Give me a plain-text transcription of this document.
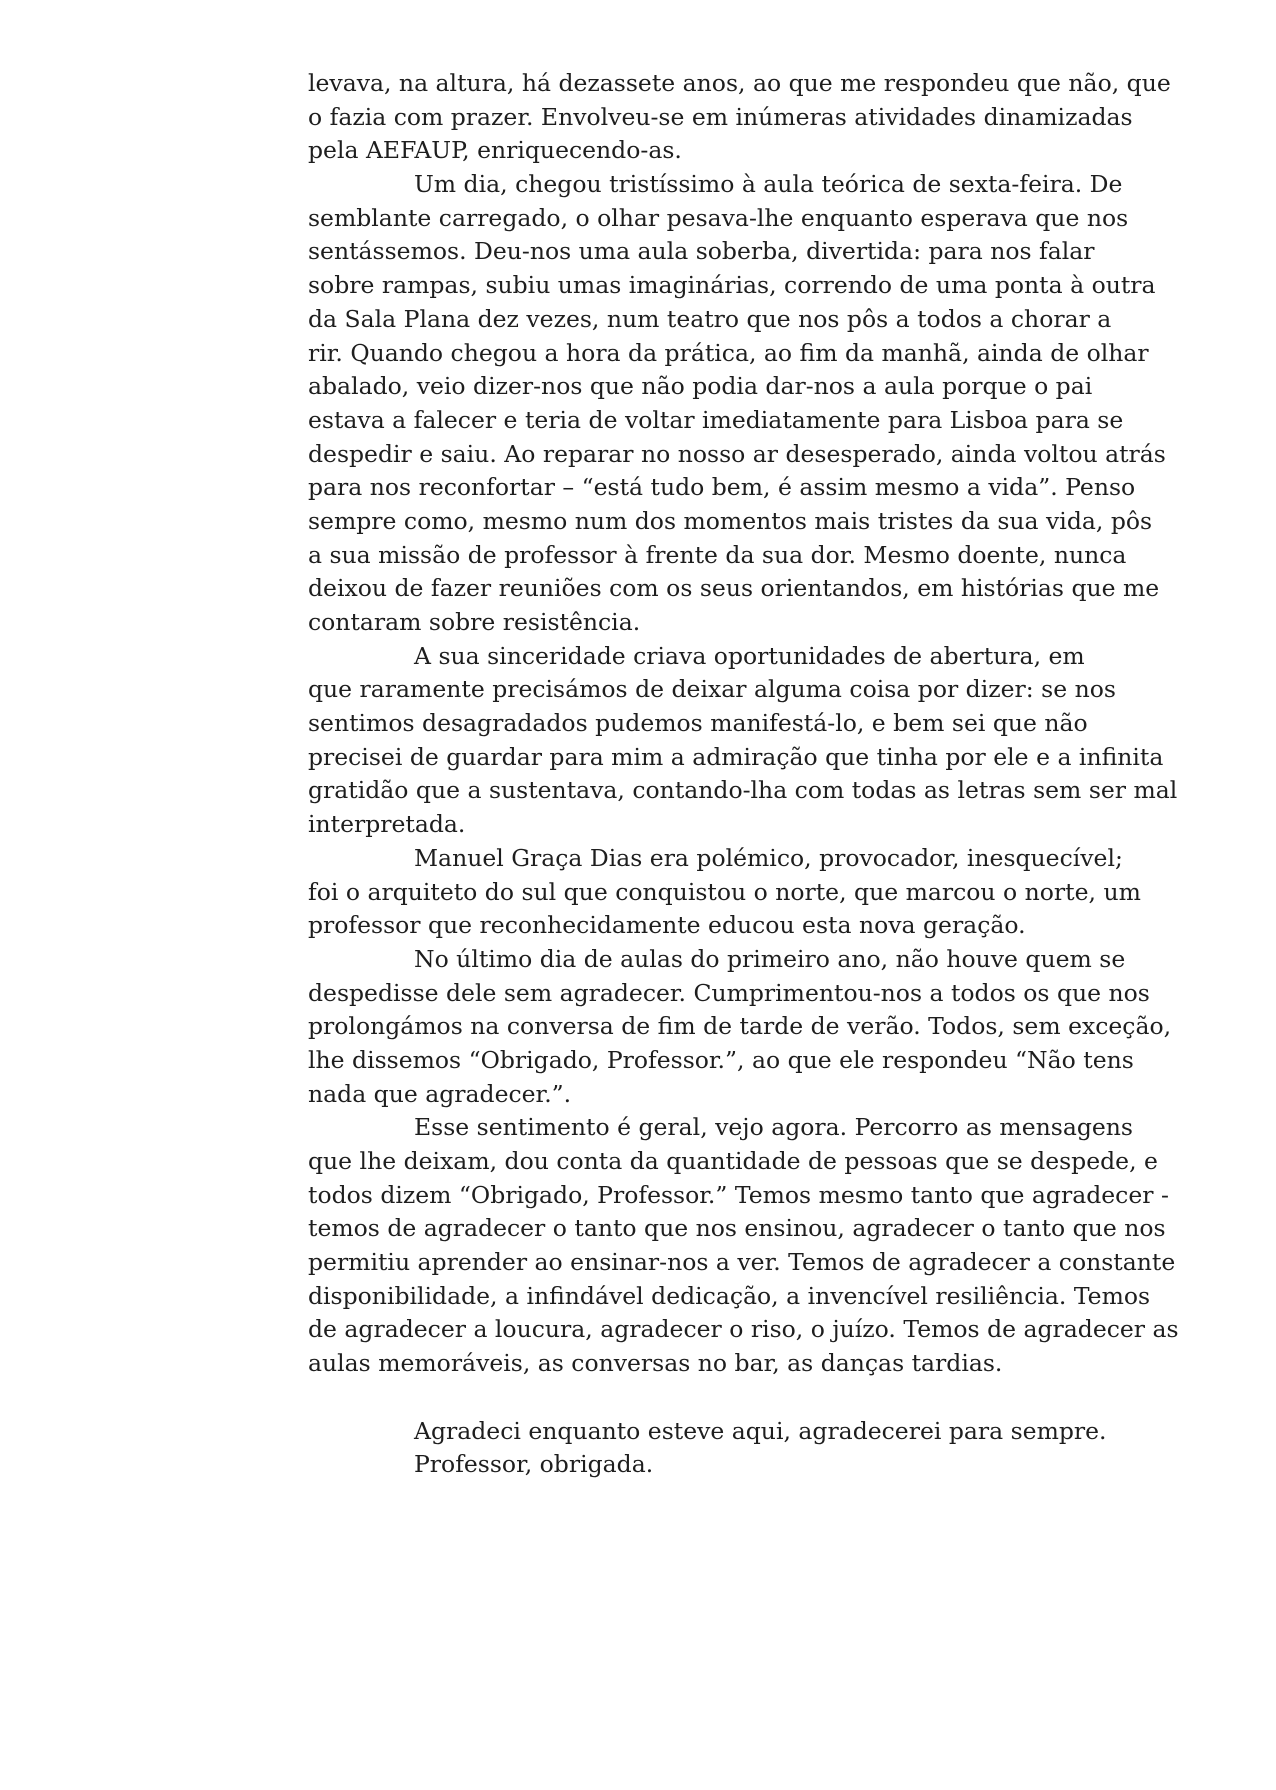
levava, na altura, há dezassete anos, ao que me respondeu que não, que
o fazia com prazer. Envolveu-se em inúmeras atividades dinamizadas
pela AEFAUP, enriquecendo-as.
Um dia, chegou tristíssimo à aula teórica de sexta-feira. De
semblante carregado, o olhar pesava-lhe enquanto esperava que nos
sentássemos. Deu-nos uma aula soberba, divertida: para nos falar
sobre rampas, subiu umas imaginárias, correndo de uma ponta à outra
da Sala Plana dez vezes, num teatro que nos pôs a todos a chorar a
rir. Quando chegou a hora da prática, ao fim da manhã, ainda de olhar
abalado, veio dizer-nos que não podia dar-nos a aula porque o pai
estava a falecer e teria de voltar imediatamente para Lisboa para se
despedir e saiu. Ao reparar no nosso ar desesperado, ainda voltou atrás
para nos reconfortar – “está tudo bem, é assim mesmo a vida”. Penso
sempre como, mesmo num dos momentos mais tristes da sua vida, pôs
a sua missão de professor à frente da sua dor. Mesmo doente, nunca
deixou de fazer reuniões com os seus orientandos, em histórias que me
contaram sobre resistência.
A sua sinceridade criava oportunidades de abertura, em
que raramente precisámos de deixar alguma coisa por dizer: se nos
sentimos desagradados pudemos manifestá-lo, e bem sei que não
precisei de guardar para mim a admiração que tinha por ele e a infinita
gratidão que a sustentava, contando-lha com todas as letras sem ser mal
interpretada.
Manuel Graça Dias era polémico, provocador, inesquecível;
foi o arquiteto do sul que conquistou o norte, que marcou o norte, um
professor que reconhecidamente educou esta nova geração.
No último dia de aulas do primeiro ano, não houve quem se
despedisse dele sem agradecer. Cumprimentou-nos a todos os que nos
prolongámos na conversa de fim de tarde de verão. Todos, sem exceção,
lhe dissemos “Obrigado, Professor.”, ao que ele respondeu “Não tens
nada que agradecer.”.
Esse sentimento é geral, vejo agora. Percorro as mensagens
que lhe deixam, dou conta da quantidade de pessoas que se despede, e
todos dizem “Obrigado, Professor.” Temos mesmo tanto que agradecer -
temos de agradecer o tanto que nos ensinou, agradecer o tanto que nos
permitiu aprender ao ensinar-nos a ver. Temos de agradecer a constante
disponibilidade, a infindável dedicação, a invencível resiliência. Temos
de agradecer a loucura, agradecer o riso, o juízo. Temos de agradecer as
aulas memoráveis, as conversas no bar, as danças tardias.
Agradeci enquanto esteve aqui, agradecerei para sempre.
Professor, obrigada.
